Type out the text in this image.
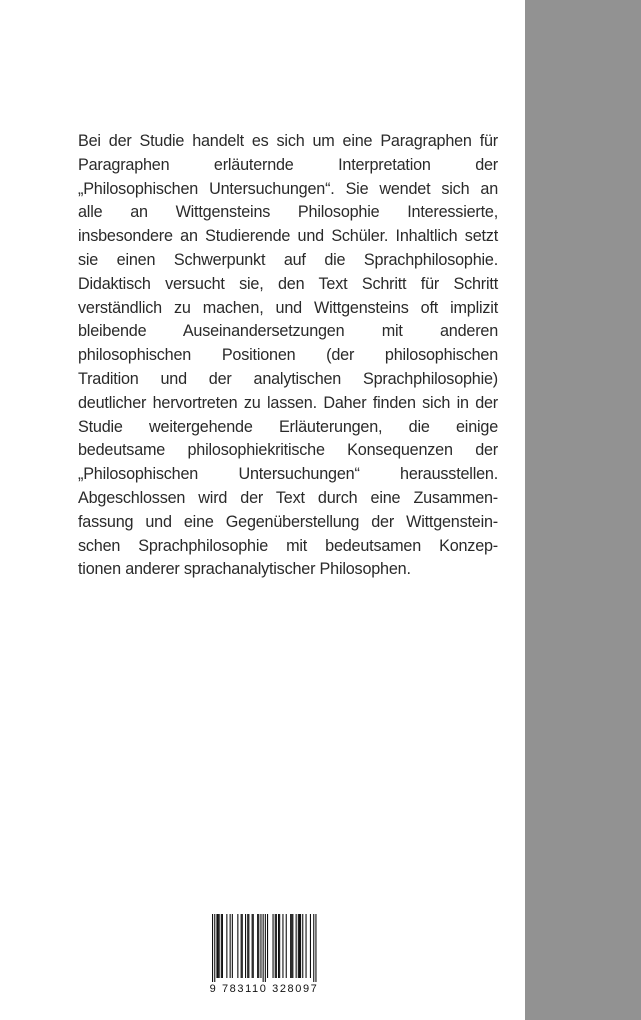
Bei der Studie handelt es sich um eine Paragraphen für
Paragraphen erläuternde Interpretation der
„Philosophischen Untersuchungen“. Sie wendet sich an
alle an Wittgensteins Philosophie Interessierte,
insbesondere an Studierende und Schüler. Inhaltlich setzt
sie einen Schwerpunkt auf die Sprachphilosophie.
Didaktisch versucht sie, den Text Schritt für Schritt
verständlich zu machen, und Wittgensteins oft implizit
bleibende Auseinandersetzungen mit anderen
philosophischen Positionen (der philosophischen
Tradition und der analytischen Sprachphilosophie)
deutlicher hervortreten zu lassen. Daher finden sich in der
Studie weitergehende Erläuterungen, die einige
bedeutsame philosophiekritische Konsequenzen der
„Philosophischen Untersuchungen“ herausstellen.
Abgeschlossen wird der Text durch eine Zusammen-
fassung und eine Gegenüberstellung der Wittgenstein-
schen Sprachphilosophie mit bedeutsamen Konzep-
tionen anderer sprachanalytischer Philosophen.
9 783110 328097
